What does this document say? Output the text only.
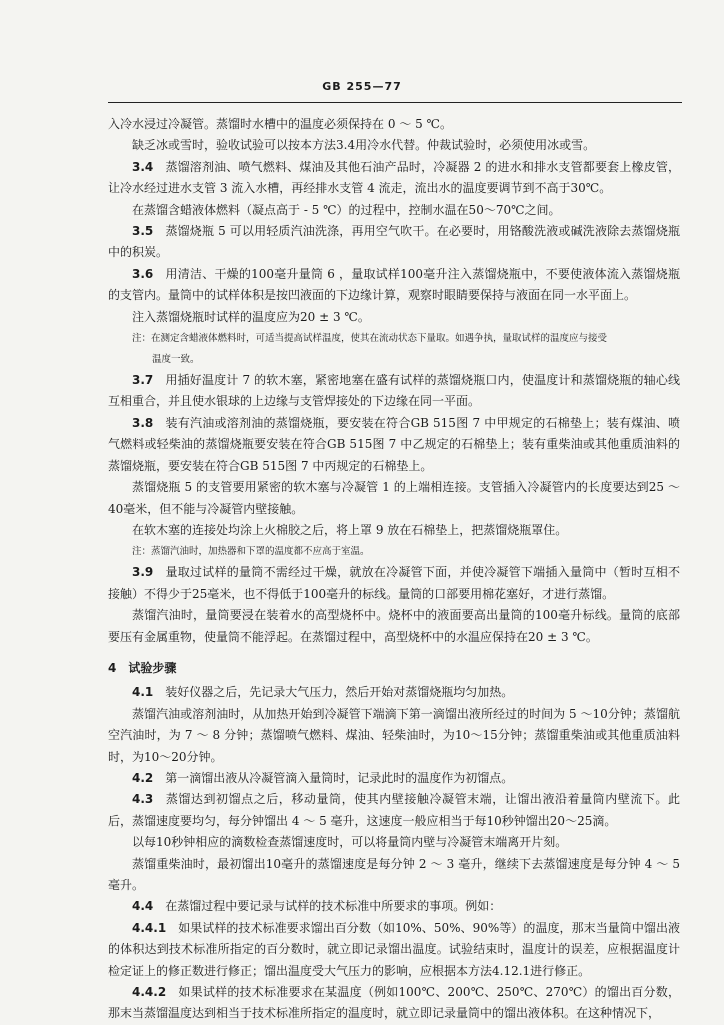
GB 255—77

入冷水浸过冷凝管。蒸馏时水槽中的温度必须保持在 0 ～ 5 ℃。

缺乏冰或雪时，验收试验可以按本方法3.4用冷水代替。仲裁试验时，必须使用冰或雪。

3.4  蒸馏溶剂油、喷气燃料、煤油及其他石油产品时，冷凝器 2 的进水和排水支管都要套上橡皮管，让冷水经过进水支管 3 流入水槽，再经排水支管 4 流走，流出水的温度要调节到不高于30℃。

在蒸馏含蜡液体燃料（凝点高于 - 5 ℃）的过程中，控制水温在50～70℃之间。

3.5  蒸馏烧瓶 5 可以用轻质汽油洗涤，再用空气吹干。在必要时，用铬酸洗液或碱洗液除去蒸馏烧瓶中的积炭。

3.6  用清洁、干燥的100毫升量筒 6 ，量取试样100毫升注入蒸馏烧瓶中，不要使液体流入蒸馏烧瓶的支管内。量筒中的试样体积是按凹液面的下边缘计算，观察时眼睛要保持与液面在同一水平面上。

注入蒸馏烧瓶时试样的温度应为20 ± 3 ℃。

注：在测定含蜡液体燃料时，可适当提高试样温度，使其在流动状态下量取。如遇争执，量取试样的温度应与接受

温度一致。

3.7  用插好温度计 7 的软木塞，紧密地塞在盛有试样的蒸馏烧瓶口内，使温度计和蒸馏烧瓶的轴心线互相重合，并且使水银球的上边缘与支管焊接处的下边缘在同一平面。

3.8  装有汽油或溶剂油的蒸馏烧瓶，要安装在符合GB 515图 7 中甲规定的石棉垫上；装有煤油、喷气燃料或轻柴油的蒸馏烧瓶要安装在符合GB 515图 7 中乙规定的石棉垫上；装有重柴油或其他重质油料的蒸馏烧瓶，要安装在符合GB 515图 7 中丙规定的石棉垫上。

蒸馏烧瓶 5 的支管要用紧密的软木塞与冷凝管 1 的上端相连接。支管插入冷凝管内的长度要达到25 ～ 40毫米，但不能与冷凝管内壁接触。

在软木塞的连接处均涂上火棉胶之后，将上罩 9 放在石棉垫上，把蒸馏烧瓶罩住。

注：蒸馏汽油时，加热器和下罩的温度都不应高于室温。

3.9  量取过试样的量筒不需经过干燥，就放在冷凝管下面，并使冷凝管下端插入量筒中（暂时互相不接触）不得少于25毫米，也不得低于100毫升的标线。量筒的口部要用棉花塞好，才进行蒸馏。

蒸馏汽油时，量筒要浸在装着水的高型烧杯中。烧杯中的液面要高出量筒的100毫升标线。量筒的底部要压有金属重物，使量筒不能浮起。在蒸馏过程中，高型烧杯中的水温应保持在20 ± 3 ℃。

4  试验步骤

4.1  装好仪器之后，先记录大气压力，然后开始对蒸馏烧瓶均匀加热。

蒸馏汽油或溶剂油时，从加热开始到冷凝管下端滴下第一滴馏出液所经过的时间为 5 ～10分钟；蒸馏航空汽油时，为 7 ～ 8 分钟；蒸馏喷气燃料、煤油、轻柴油时，为10～15分钟；蒸馏重柴油或其他重质油料时，为10～20分钟。

4.2  第一滴馏出液从冷凝管滴入量筒时，记录此时的温度作为初馏点。

4.3  蒸馏达到初馏点之后，移动量筒，使其内壁接触冷凝管末端，让馏出液沿着量筒内壁流下。此后，蒸馏速度要均匀，每分钟馏出 4 ～ 5 毫升，这速度一般应相当于每10秒钟馏出20～25滴。

以每10秒钟相应的滴数检查蒸馏速度时，可以将量筒内壁与冷凝管末端离开片刻。

蒸馏重柴油时，最初馏出10毫升的蒸馏速度是每分钟 2 ～ 3 毫升，继续下去蒸馏速度是每分钟 4 ～ 5 毫升。

4.4  在蒸馏过程中要记录与试样的技术标准中所要求的事项。例如：

4.4.1  如果试样的技术标准要求馏出百分数（如10%、50%、90%等）的温度，那末当量筒中馏出液的体积达到技术标准所指定的百分数时，就立即记录馏出温度。试验结束时，温度计的误差，应根据温度计检定证上的修正数进行修正；馏出温度受大气压力的影响，应根据本方法4.12.1进行修正。

4.4.2  如果试样的技术标准要求在某温度（例如100℃、200℃、250℃、270℃）的馏出百分数，那末当蒸馏温度达到相当于技术标准所指定的温度时，就立即记录量筒中的馏出液体积。在这种情况下，
